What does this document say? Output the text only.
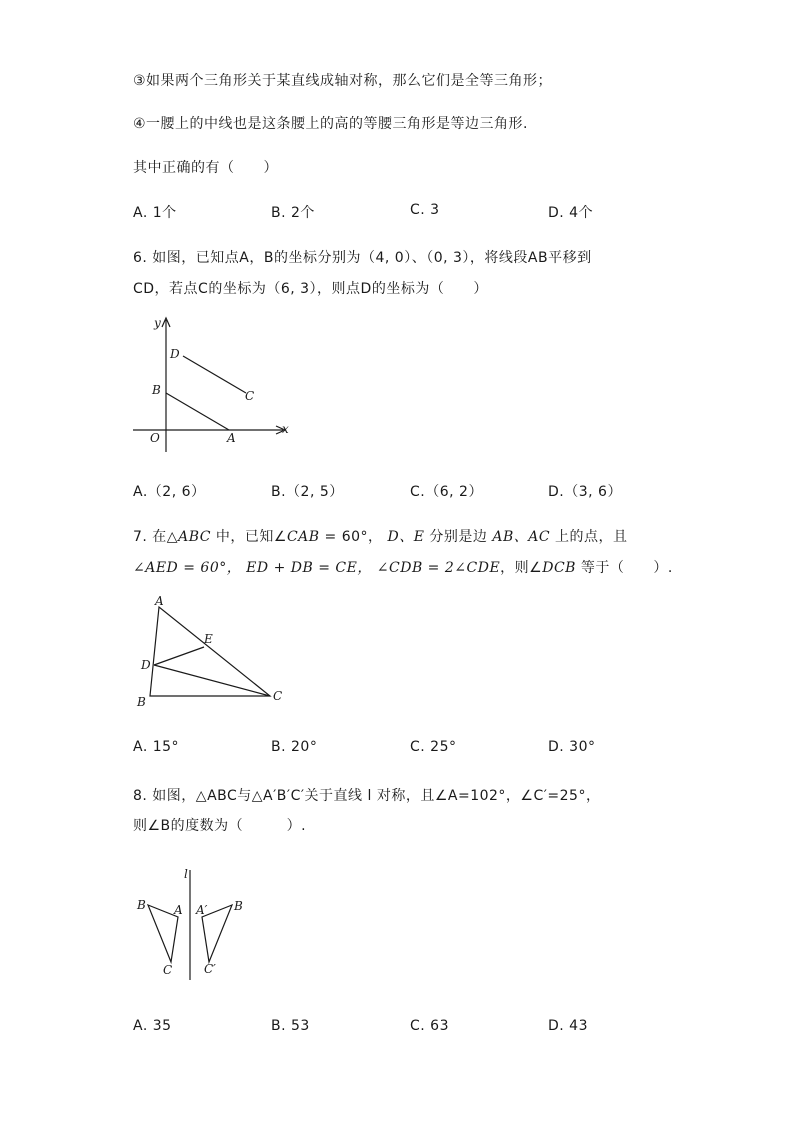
③如果两个三角形关于某直线成轴对称，那么它们是全等三角形；
④一腰上的中线也是这条腰上的高的等腰三角形是等边三角形.
其中正确的有（　　）
A. 1个	B. 2个	C. 3	D. 4个
6. 如图，已知点A，B的坐标分别为（4, 0）、（0, 3），将线段AB平移到
CD，若点C的坐标为（6, 3），则点D的坐标为（　　）
y
x
O	A
B	C
D
A.（2, 6）	B.（2, 5）	C.（6, 2）	D.（3, 6）
7. 在△ABC 中，已知∠CAB = 60°， D、E 分别是边 AB、AC 上的点，且
∠AED = 60°， ED + DB = CE， ∠CDB = 2∠CDE，则∠DCB 等于（　　）.
A
B	C
D
E
A. 15°	B. 20°	C. 25°	D. 30°
8. 如图，△ABC与△A′B′C′关于直线 l 对称，且∠A=102°，∠C′=25°，
则∠B的度数为（　　　）.
l
B A
C
A′ B
C′
A. 35	B. 53	C. 63	D. 43
